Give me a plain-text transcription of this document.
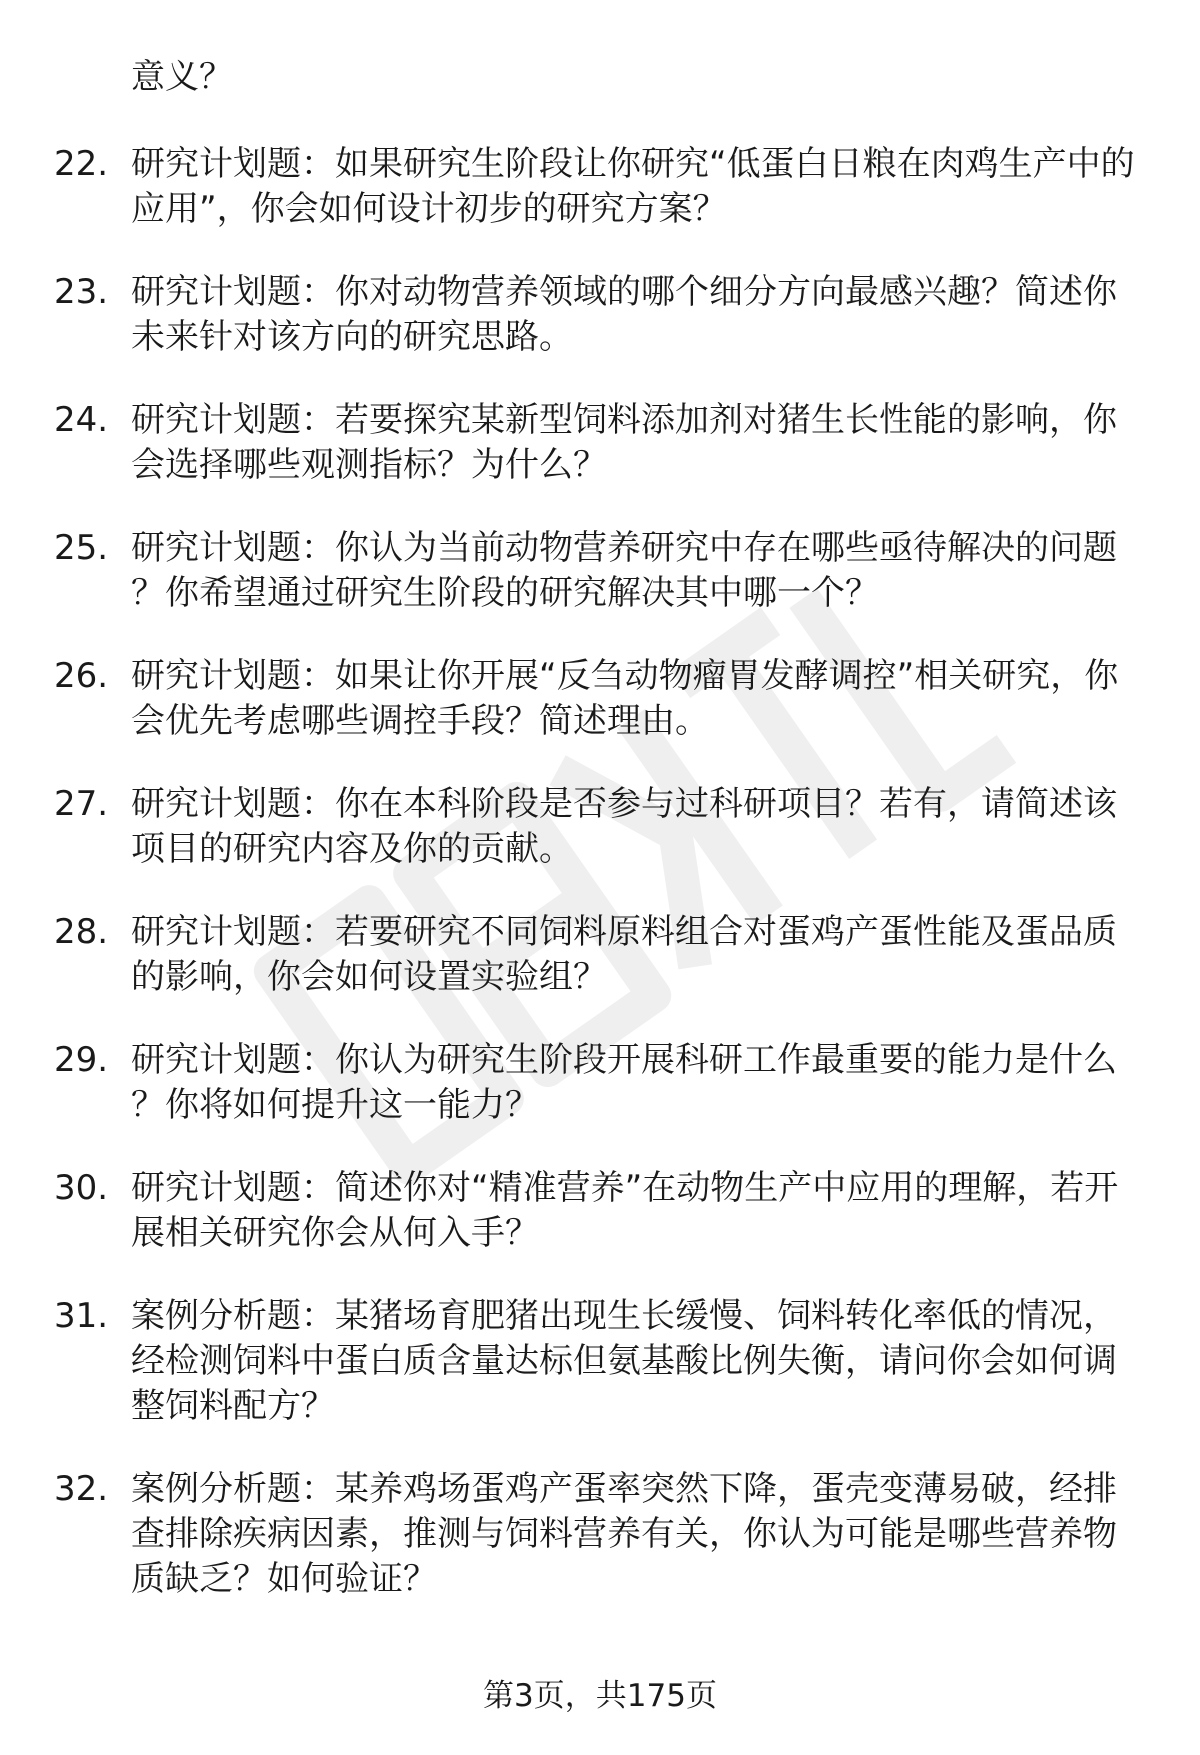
意义？
22. 研究计划题：如果研究生阶段让你研究“低蛋白日粮在肉鸡生产中的应用”，你会如何设计初步的研究方案？
23. 研究计划题：你对动物营养领域的哪个细分方向最感兴趣？简述你未来针对该方向的研究思路。
24. 研究计划题：若要探究某新型饲料添加剂对猪生长性能的影响，你会选择哪些观测指标？为什么？
25. 研究计划题：你认为当前动物营养研究中存在哪些亟待解决的问题？你希望通过研究生阶段的研究解决其中哪一个？
26. 研究计划题：如果让你开展“反刍动物瘤胃发酵调控”相关研究，你会优先考虑哪些调控手段？简述理由。
27. 研究计划题：你在本科阶段是否参与过科研项目？若有，请简述该项目的研究内容及你的贡献。
28. 研究计划题：若要研究不同饲料原料组合对蛋鸡产蛋性能及蛋品质的影响，你会如何设置实验组？
29. 研究计划题：你认为研究生阶段开展科研工作最重要的能力是什么？你将如何提升这一能力？
30. 研究计划题：简述你对“精准营养”在动物生产中应用的理解，若开展相关研究你会从何入手？
31. 案例分析题：某猪场育肥猪出现生长缓慢、饲料转化率低的情况，经检测饲料中蛋白质含量达标但氨基酸比例失衡，请问你会如何调整饲料配方？
32. 案例分析题：某养鸡场蛋鸡产蛋率突然下降，蛋壳变薄易破，经排查排除疾病因素，推测与饲料营养有关，你认为可能是哪些营养物质缺乏？如何验证？
第3页，共175页
